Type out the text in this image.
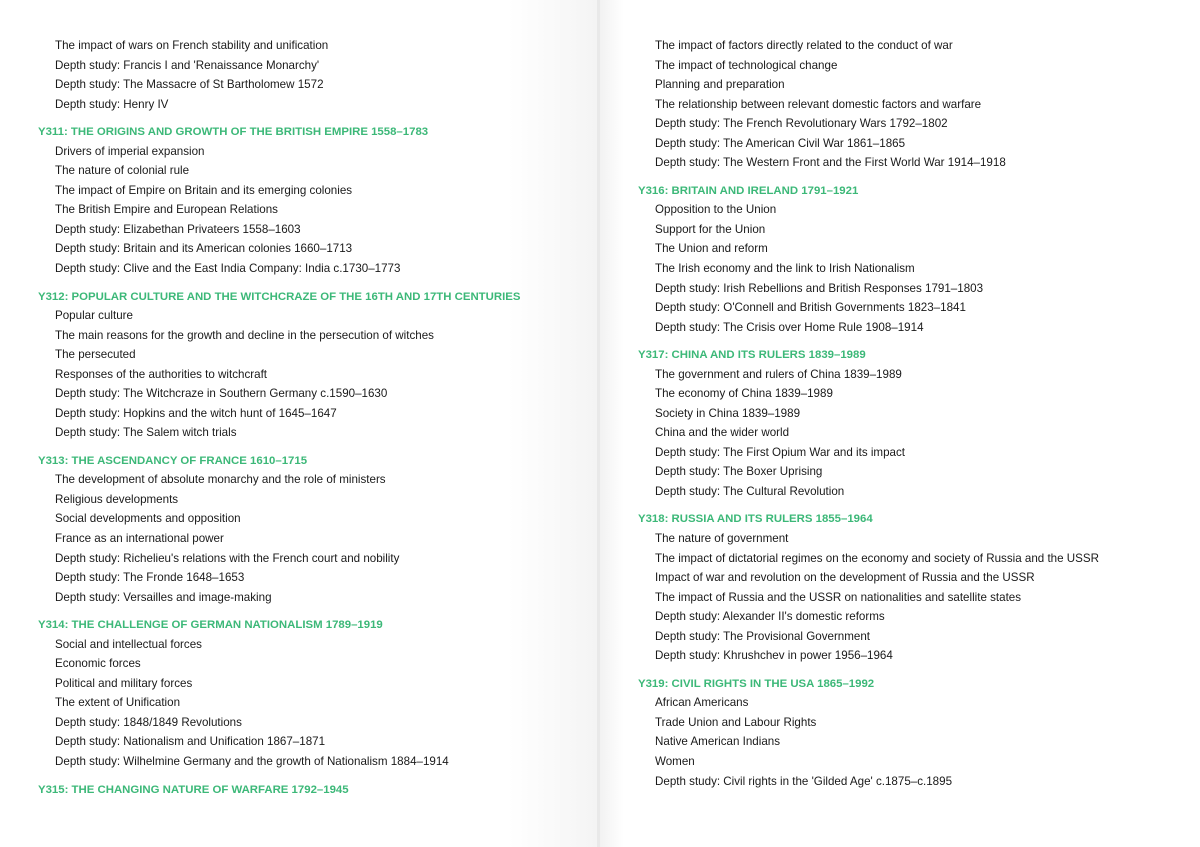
The impact of wars on French stability and unification
Depth study: Francis I and 'Renaissance Monarchy'
Depth study: The Massacre of St Bartholomew 1572
Depth study: Henry IV
Y311: THE ORIGINS AND GROWTH OF THE BRITISH EMPIRE 1558–1783
Drivers of imperial expansion
The nature of colonial rule
The impact of Empire on Britain and its emerging colonies
The British Empire and European Relations
Depth study: Elizabethan Privateers 1558–1603
Depth study: Britain and its American colonies 1660–1713
Depth study: Clive and the East India Company: India c.1730–1773
Y312: POPULAR CULTURE AND THE WITCHCRAZE OF THE 16TH AND 17TH CENTURIES
Popular culture
The main reasons for the growth and decline in the persecution of witches
The persecuted
Responses of the authorities to witchcraft
Depth study: The Witchcraze in Southern Germany c.1590–1630
Depth study: Hopkins and the witch hunt of 1645–1647
Depth study: The Salem witch trials
Y313: THE ASCENDANCY OF FRANCE 1610–1715
The development of absolute monarchy and the role of ministers
Religious developments
Social developments and opposition
France as an international power
Depth study: Richelieu's relations with the French court and nobility
Depth study: The Fronde 1648–1653
Depth study: Versailles and image-making
Y314: THE CHALLENGE OF GERMAN NATIONALISM 1789–1919
Social and intellectual forces
Economic forces
Political and military forces
The extent of Unification
Depth study: 1848/1849 Revolutions
Depth study: Nationalism and Unification 1867–1871
Depth study: Wilhelmine Germany and the growth of Nationalism 1884–1914
Y315: THE CHANGING NATURE OF WARFARE 1792–1945
The impact of factors directly related to the conduct of war
The impact of technological change
Planning and preparation
The relationship between relevant domestic factors and warfare
Depth study: The French Revolutionary Wars 1792–1802
Depth study: The American Civil War 1861–1865
Depth study: The Western Front and the First World War 1914–1918
Y316: BRITAIN AND IRELAND 1791–1921
Opposition to the Union
Support for the Union
The Union and reform
The Irish economy and the link to Irish Nationalism
Depth study: Irish Rebellions and British Responses 1791–1803
Depth study: O'Connell and British Governments 1823–1841
Depth study: The Crisis over Home Rule 1908–1914
Y317: CHINA AND ITS RULERS 1839–1989
The government and rulers of China 1839–1989
The economy of China 1839–1989
Society in China 1839–1989
China and the wider world
Depth study: The First Opium War and its impact
Depth study: The Boxer Uprising
Depth study: The Cultural Revolution
Y318: RUSSIA AND ITS RULERS 1855–1964
The nature of government
The impact of dictatorial regimes on the economy and society of Russia and the USSR
Impact of war and revolution on the development of Russia and the USSR
The impact of Russia and the USSR on nationalities and satellite states
Depth study: Alexander II's domestic reforms
Depth study: The Provisional Government
Depth study: Khrushchev in power 1956–1964
Y319: CIVIL RIGHTS IN THE USA 1865–1992
African Americans
Trade Union and Labour Rights
Native American Indians
Women
Depth study: Civil rights in the 'Gilded Age' c.1875–c.1895
